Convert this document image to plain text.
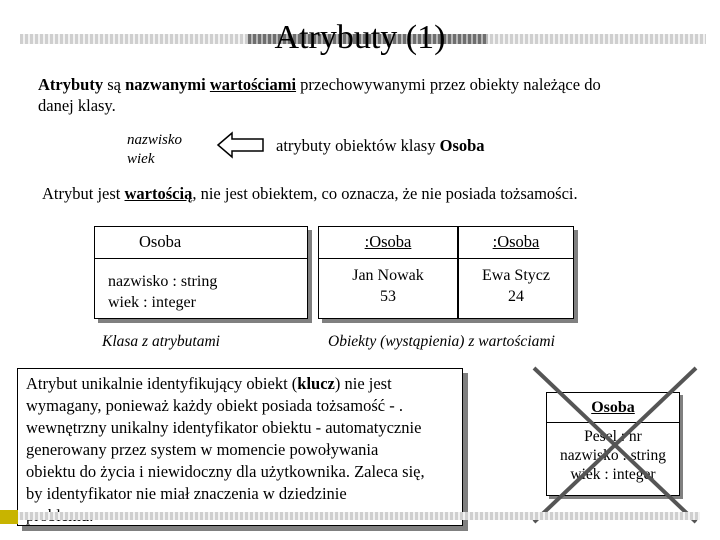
Atrybuty (1)
Atrybuty są nazwanymi wartościami przechowywanymi przez obiekty należące do
danej klasy.
nazwisko
wiek
atrybuty obiektów klasy Osoba
Atrybut jest wartością, nie jest obiektem, co oznacza, że nie posiada tożsamości.
Osoba
nazwisko : string
wiek : integer
Klasa z atrybutami
:Osoba
Jan Nowak
53
:Osoba
Ewa Stycz
24
Obiekty (wystąpienia) z wartościami
Atrybut unikalnie identyfikujący obiekt (klucz) nie jest
wymagany, ponieważ każdy obiekt posiada tożsamość - .
wewnętrzny unikalny identyfikator obiektu - automatycznie
generowany przez system w momencie powoływania
obiektu do życia i niewidoczny dla użytkownika. Zaleca się,
by identyfikator nie miał znaczenia w dziedzinie
Osoba
Pesel : nr
nazwisko : string
wiek : integer
